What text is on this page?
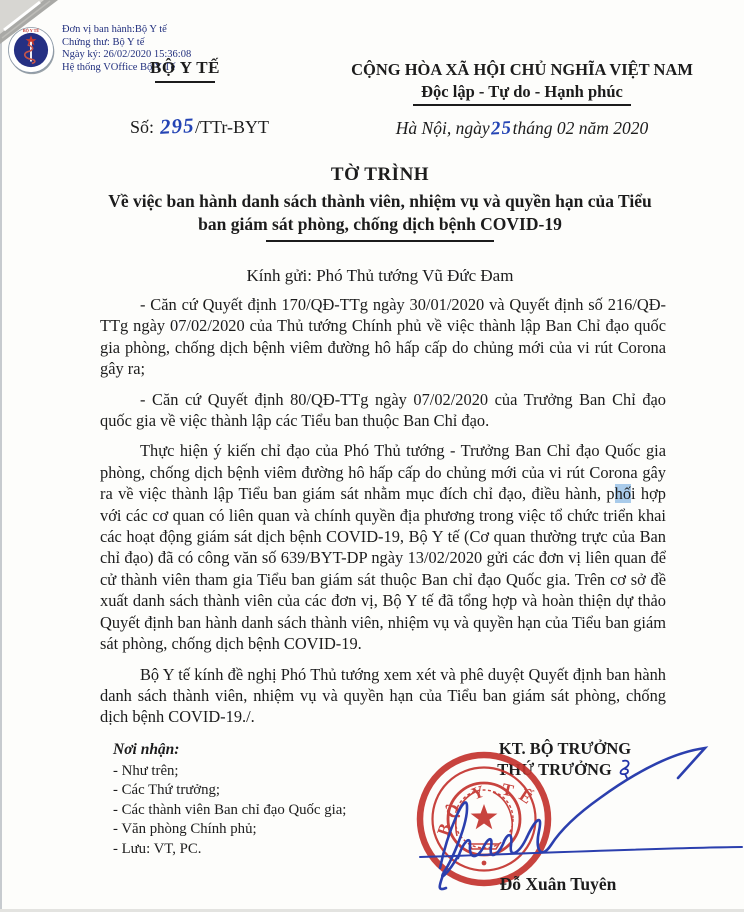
BỘ Y TẾ Đơn vị ban hành:Bộ Y tế
Chứng thư: Bộ Y tế
Ngày ký: 26/02/2020 15:36:08
Hệ thống VOffice Bộ Y Tế
BỘ Y TẾ	CỘNG HÒA XÃ HỘI CHỦ NGHĨA VIỆT NAM
Độc lập - Tự do - Hạnh phúc
Số: 295/TTr-BYT	Hà Nội, ngày25tháng 02 năm 2020
TỜ TRÌNH
Về việc ban hành danh sách thành viên, nhiệm vụ và quyền hạn của Tiểu
ban giám sát phòng, chống dịch bệnh COVID-19
Kính gửi: Phó Thủ tướng Vũ Đức Đam

- Căn cứ Quyết định 170/QĐ-TTg ngày 30/01/2020 và Quyết định số 216/QĐ-TTg ngày 07/02/2020 của Thủ tướng Chính phủ về việc thành lập Ban Chỉ đạo quốc gia phòng, chống dịch bệnh viêm đường hô hấp cấp do chủng mới của vi rút Corona gây ra;

- Căn cứ Quyết định 80/QĐ-TTg ngày 07/02/2020 của Trưởng Ban Chỉ đạo quốc gia về việc thành lập các Tiểu ban thuộc Ban Chỉ đạo.

Thực hiện ý kiến chỉ đạo của Phó Thủ tướng - Trưởng Ban Chỉ đạo Quốc gia phòng, chống dịch bệnh viêm đường hô hấp cấp do chủng mới của vi rút Corona gây ra về việc thành lập Tiểu ban giám sát nhằm mục đích chỉ đạo, điều hành, phối hợp với các cơ quan có liên quan và chính quyền địa phương trong việc tổ chức triển khai các hoạt động giám sát dịch bệnh COVID-19, Bộ Y tế (Cơ quan thường trực của Ban chỉ đạo) đã có công văn số 639/BYT-DP ngày 13/02/2020 gửi các đơn vị liên quan để cử thành viên tham gia Tiểu ban giám sát thuộc Ban chỉ đạo Quốc gia. Trên cơ sở đề xuất danh sách thành viên của các đơn vị, Bộ Y tế đã tổng hợp và hoàn thiện dự thảo Quyết định ban hành danh sách thành viên, nhiệm vụ và quyền hạn của Tiểu ban giám sát phòng, chống dịch bệnh COVID-19.

Bộ Y tế kính đề nghị Phó Thủ tướng xem xét và phê duyệt Quyết định ban hành danh sách thành viên, nhiệm vụ và quyền hạn của Tiểu ban giám sát phòng, chống dịch bệnh COVID-19./.

Nơi nhận:
- Như trên;
- Các Thứ trưởng;
- Các thành viên Ban chỉ đạo Quốc gia;
- Văn phòng Chính phủ;
- Lưu: VT, PC.
KT. BỘ TRƯỞNG
THỨ TRƯỞNG
BỘ Y TẾ
Đỗ Xuân Tuyên
